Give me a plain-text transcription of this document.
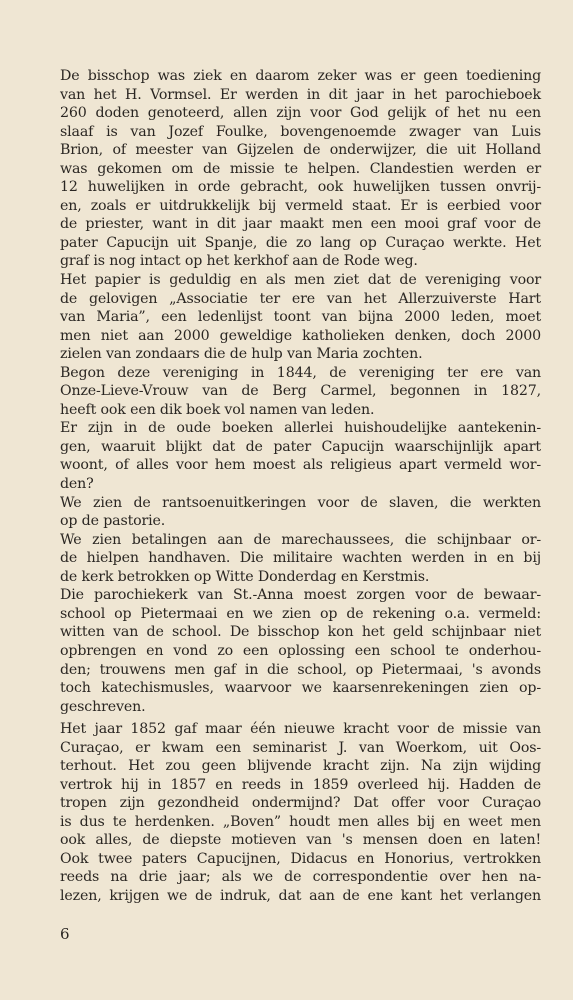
De bisschop was ziek en daarom zeker was er geen toediening
van het H. Vormsel. Er werden in dit jaar in het parochieboek
260 doden genoteerd, allen zijn voor God gelijk of het nu een
slaaf is van Jozef Foulke, bovengenoemde zwager van Luis
Brion, of meester van Gijzelen de onderwijzer, die uit Holland
was gekomen om de missie te helpen. Clandestien werden er
12 huwelijken in orde gebracht, ook huwelijken tussen onvrij-
en, zoals er uitdrukkelijk bij vermeld staat. Er is eerbied voor
de priester, want in dit jaar maakt men een mooi graf voor de
pater Capucijn uit Spanje, die zo lang op Curaçao werkte. Het
graf is nog intact op het kerkhof aan de Rode weg.
Het papier is geduldig en als men ziet dat de vereniging voor
de gelovigen „Associatie ter ere van het Allerzuiverste Hart
van Maria”, een ledenlijst toont van bijna 2000 leden, moet
men niet aan 2000 geweldige katholieken denken, doch 2000
zielen van zondaars die de hulp van Maria zochten.
Begon deze vereniging in 1844, de vereniging ter ere van
Onze-Lieve-Vrouw van de Berg Carmel, begonnen in 1827,
heeft ook een dik boek vol namen van leden.
Er zijn in de oude boeken allerlei huishoudelijke aantekenin-
gen, waaruit blijkt dat de pater Capucijn waarschijnlijk apart
woont, of alles voor hem moest als religieus apart vermeld wor-
den?
We zien de rantsoenuitkeringen voor de slaven, die werkten
op de pastorie.
We zien betalingen aan de marechaussees, die schijnbaar or-
de hielpen handhaven. Die militaire wachten werden in en bij
de kerk betrokken op Witte Donderdag en Kerstmis.
Die parochiekerk van St.-Anna moest zorgen voor de bewaar-
school op Pietermaai en we zien op de rekening o.a. vermeld:
witten van de school. De bisschop kon het geld schijnbaar niet
opbrengen en vond zo een oplossing een school te onderhou-
den; trouwens men gaf in die school, op Pietermaai, 's avonds
toch katechismusles, waarvoor we kaarsenrekeningen zien op-
geschreven.
Het jaar 1852 gaf maar één nieuwe kracht voor de missie van
Curaçao, er kwam een seminarist J. van Woerkom, uit Oos-
terhout. Het zou geen blijvende kracht zijn. Na zijn wijding
vertrok hij in 1857 en reeds in 1859 overleed hij. Hadden de
tropen zijn gezondheid ondermijnd? Dat offer voor Curaçao
is dus te herdenken. „Boven” houdt men alles bij en weet men
ook alles, de diepste motieven van 's mensen doen en laten!
Ook twee paters Capucijnen, Didacus en Honorius, vertrokken
reeds na drie jaar; als we de correspondentie over hen na-
lezen, krijgen we de indruk, dat aan de ene kant het verlangen
6
